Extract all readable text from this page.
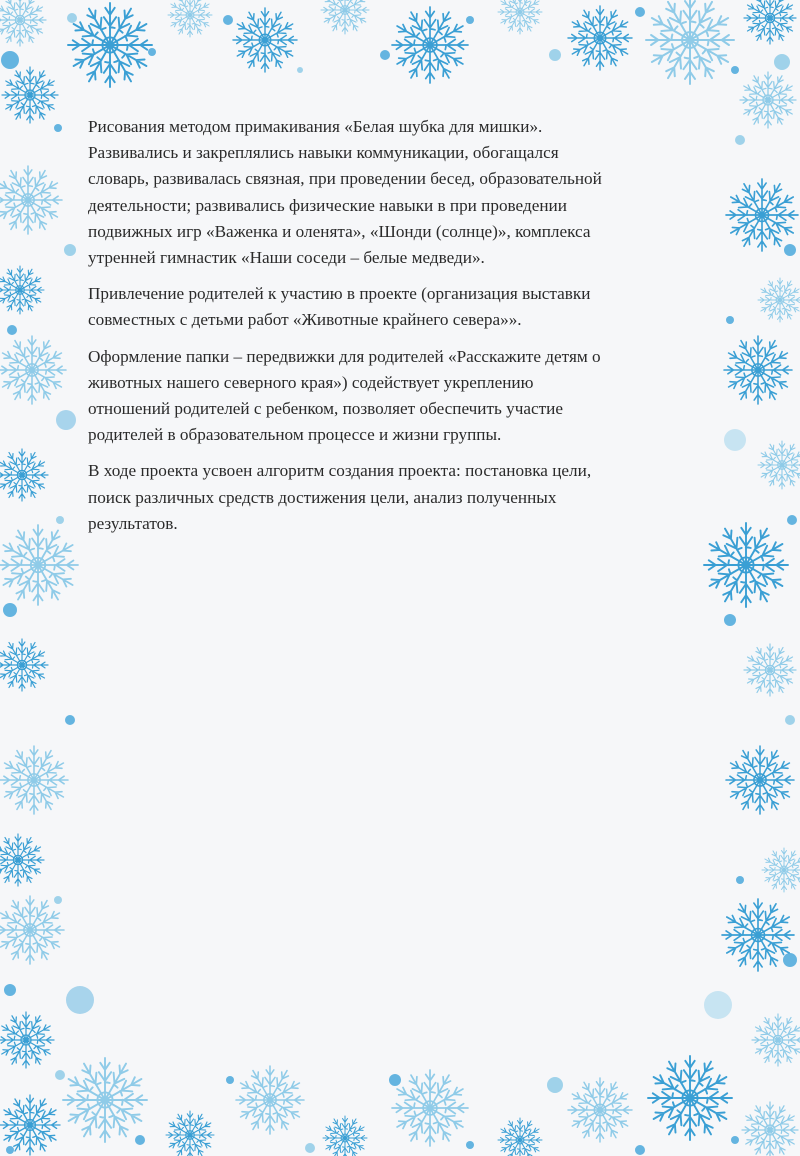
Рисования методом примакивания «Белая шубка для мишки».
Развивались и закреплялись навыки коммуникации, обогащался
словарь, развивалась связная, при проведении бесед, образовательной
деятельности; развивались физические навыки в при проведении
подвижных игр «Важенка и оленята», «Шонди (солнце)», комплекса
утренней гимнастик «Наши соседи – белые медведи».

Привлечение родителей к участию в проекте (организация выставки
совместных с детьми работ «Животные крайнего севера»».

Оформление папки – передвижки для родителей «Расскажите детям о
животных нашего северного края») содействует укреплению
отношений родителей с ребенком, позволяет обеспечить участие
родителей в образовательном процессе и жизни группы.

В ходе проекта усвоен алгоритм создания проекта: постановка цели,
поиск различных средств достижения цели, анализ полученных
результатов.
